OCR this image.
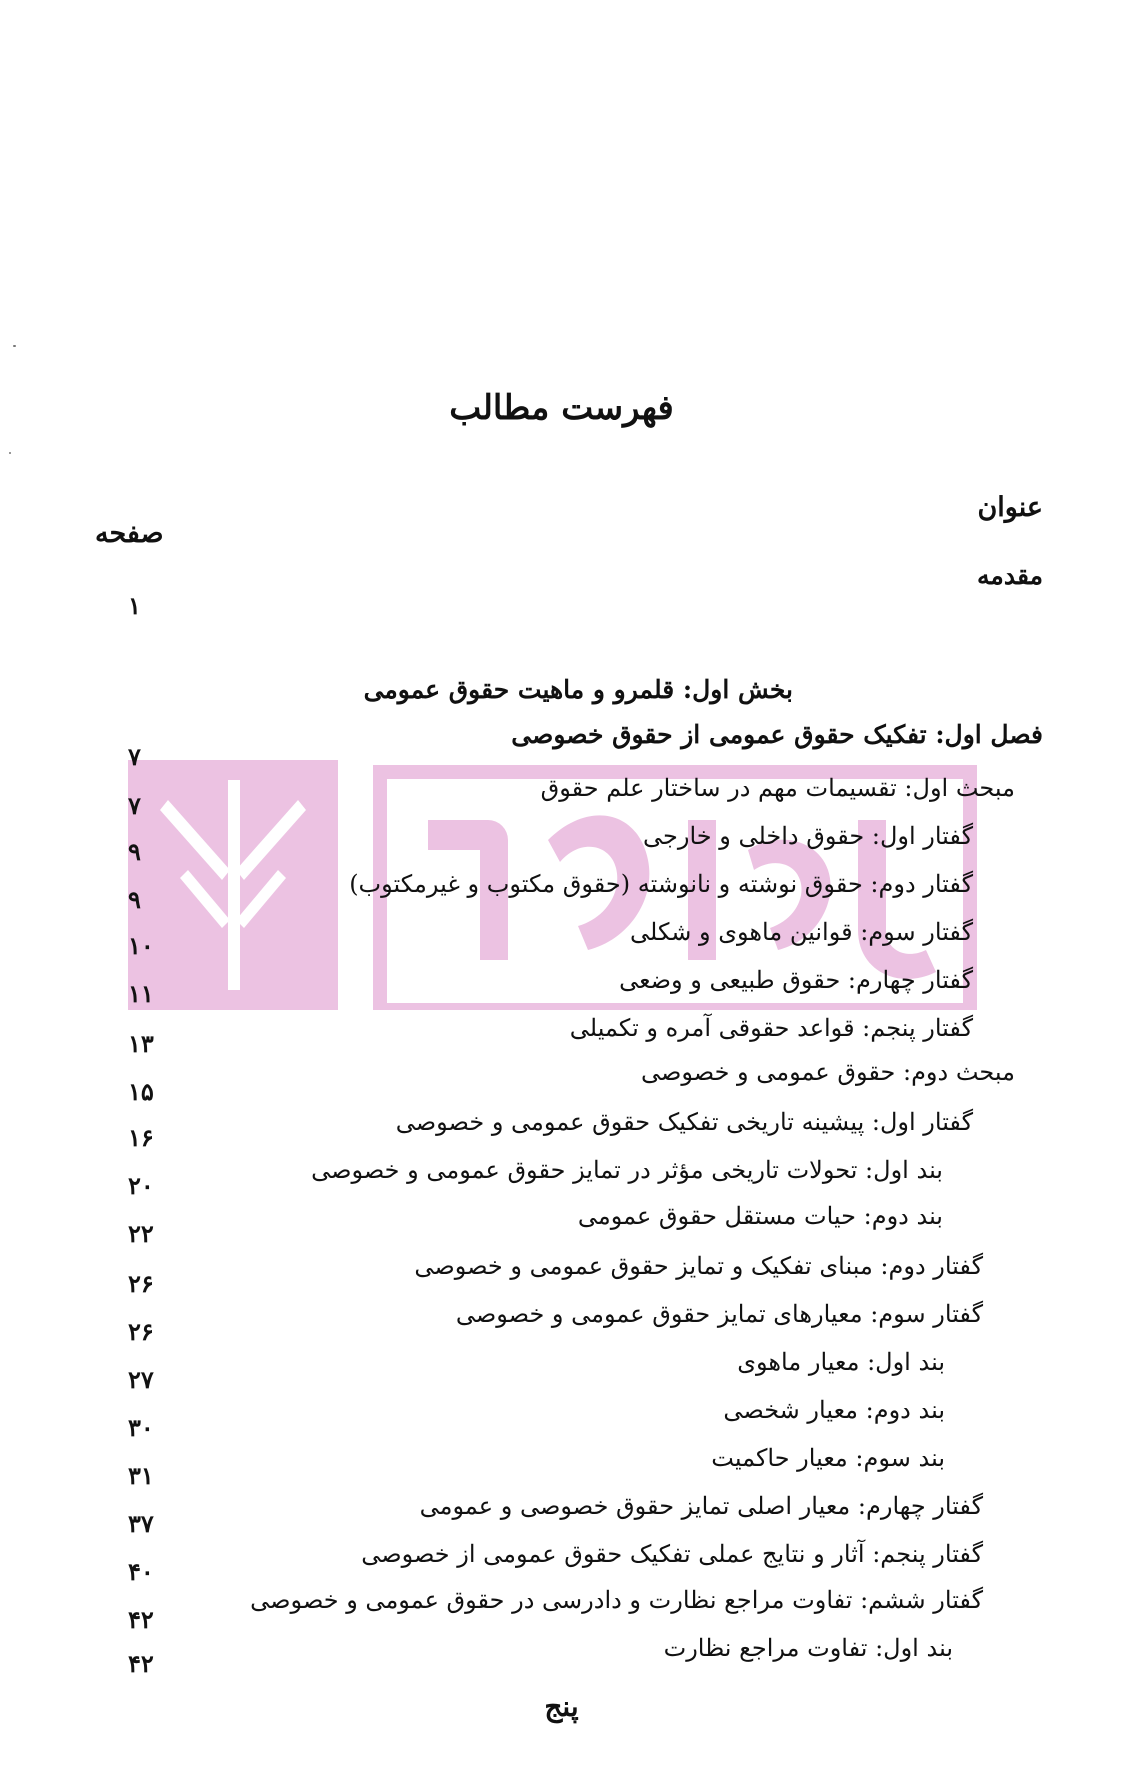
فهرست مطالب
عنوان
صفحه
مقدمه
۱
بخش اول: قلمرو و ماهیت حقوق عمومی
فصل اول: تفکیک حقوق عمومی از حقوق خصوصی
۷
مبحث اول: تقسیمات مهم در ساختار علم حقوق
۷
گفتار اول: حقوق داخلی و خارجی
۹
گفتار دوم: حقوق نوشته و نانوشته (حقوق مکتوب و غیرمکتوب)
۹
گفتار سوم: قوانین ماهوی و شکلی
۱۰
گفتار چهارم: حقوق طبیعی و وضعی
۱۱
گفتار پنجم: قواعد حقوقی آمره و تکمیلی
۱۳
مبحث دوم: حقوق عمومی و خصوصی
۱۵
گفتار اول: پیشینه تاریخی تفکیک حقوق عمومی و خصوصی
۱۶
بند اول: تحولات تاریخی مؤثر در تمایز حقوق عمومی و خصوصی
۲۰
بند دوم: حیات مستقل حقوق عمومی
۲۲
گفتار دوم: مبنای تفکیک و تمایز حقوق عمومی و خصوصی
۲۶
گفتار سوم: معیارهای تمایز حقوق عمومی و خصوصی
۲۶
بند اول: معیار ماهوی
۲۷
بند دوم: معیار شخصی
۳۰
بند سوم: معیار حاکمیت
۳۱
گفتار چهارم: معیار اصلی تمایز حقوق خصوصی و عمومی
۳۷
گفتار پنجم: آثار و نتایج عملی تفکیک حقوق عمومی از خصوصی
۴۰
گفتار ششم: تفاوت مراجع نظارت و دادرسی در حقوق عمومی و خصوصی
۴۲
بند اول: تفاوت مراجع نظارت
۴۲
پنج
